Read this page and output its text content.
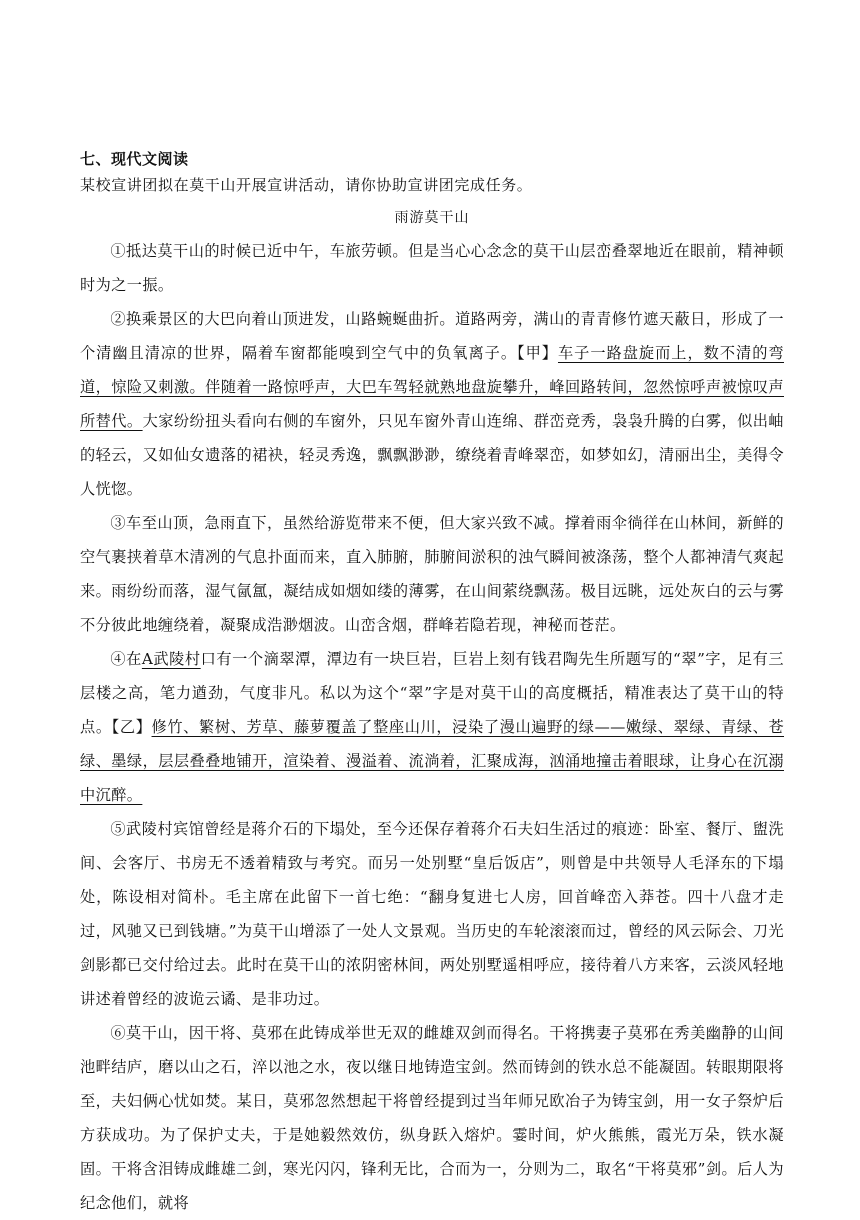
七、现代文阅读
某校宣讲团拟在莫干山开展宣讲活动，请你协助宣讲团完成任务。
雨游莫干山

①抵达莫干山的时候已近中午，车旅劳顿。但是当心心念念的莫干山层峦叠翠地近在眼前，精神顿时为之一振。

②换乘景区的大巴向着山顶进发，山路蜿蜒曲折。道路两旁，满山的青青修竹遮天蔽日，形成了一个清幽且清凉的世界，隔着车窗都能嗅到空气中的负氧离子。【甲】车子一路盘旋而上，数不清的弯道，惊险又刺激。伴随着一路惊呼声，大巴车驾轻就熟地盘旋攀升，峰回路转间，忽然惊呼声被惊叹声所替代。大家纷纷扭头看向右侧的车窗外，只见车窗外青山连绵、群峦竞秀，袅袅升腾的白雾，似出岫的轻云，又如仙女遗落的裙袂，轻灵秀逸，飘飘渺渺，缭绕着青峰翠峦，如梦如幻，清丽出尘，美得令人恍惚。

③车至山顶，急雨直下，虽然给游览带来不便，但大家兴致不减。撑着雨伞徜徉在山林间，新鲜的空气裹挟着草木清冽的气息扑面而来，直入肺腑，肺腑间淤积的浊气瞬间被涤荡，整个人都神清气爽起来。雨纷纷而落，湿气氤氲，凝结成如烟如缕的薄雾，在山间萦绕飘荡。极目远眺，远处灰白的云与雾不分彼此地缠绕着，凝聚成浩渺烟波。山峦含烟，群峰若隐若现，神秘而苍茫。

④在A武陵村口有一个滴翠潭，潭边有一块巨岩，巨岩上刻有钱君陶先生所题写的“翠”字，足有三层楼之高，笔力遒劲，气度非凡。私以为这个“翠”字是对莫干山的高度概括，精准表达了莫干山的特点。【乙】修竹、繁树、芳草、藤萝覆盖了整座山川，浸染了漫山遍野的绿——嫩绿、翠绿、青绿、苍绿、墨绿，层层叠叠地铺开，渲染着、漫溢着、流淌着，汇聚成海，汹涌地撞击着眼球，让身心在沉溺中沉醉。

⑤武陵村宾馆曾经是蒋介石的下塌处，至今还保存着蒋介石夫妇生活过的痕迹：卧室、餐厅、盥洗间、会客厅、书房无不透着精致与考究。而另一处别墅“皇后饭店”，则曾是中共领导人毛泽东的下塌处，陈设相对简朴。毛主席在此留下一首七绝：“翻身复进七人房，回首峰峦入莽苍。四十八盘才走过，风驰又已到钱塘。”为莫干山增添了一处人文景观。当历史的车轮滚滚而过，曾经的风云际会、刀光剑影都已交付给过去。此时在莫干山的浓阴密林间，两处别墅遥相呼应，接待着八方来客，云淡风轻地讲述着曾经的波诡云谲、是非功过。

⑥莫干山，因干将、莫邪在此铸成举世无双的雌雄双剑而得名。干将携妻子莫邪在秀美幽静的山间池畔结庐，磨以山之石，淬以池之水，夜以继日地铸造宝剑。然而铸剑的铁水总不能凝固。转眼期限将至，夫妇俩心忧如焚。某日，莫邪忽然想起干将曾经提到过当年师兄欧冶子为铸宝剑，用一女子祭炉后方获成功。为了保护丈夫，于是她毅然效仿，纵身跃入熔炉。霎时间，炉火熊熊，霞光万朵，铁水凝固。干将含泪铸成雌雄二剑，寒光闪闪，锋利无比，合而为一，分则为二，取名“干将莫邪”剑。后人为纪念他们，就将
